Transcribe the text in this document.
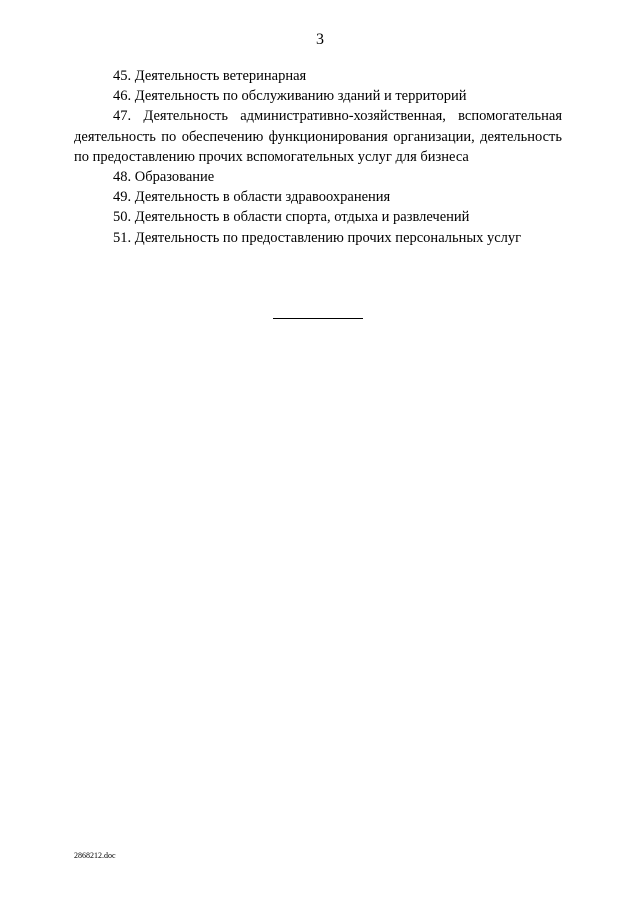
3

45. Деятельность ветеринарная

46. Деятельность по обслуживанию зданий и территорий

47. Деятельность административно-хозяйственная, вспомогательная деятельность по обеспечению функционирования организации, деятельность по предоставлению прочих вспомогательных услуг для бизнеса

48. Образование

49. Деятельность в области здравоохранения

50. Деятельность в области спорта, отдыха и развлечений

51. Деятельность по предоставлению прочих персональных услуг

2868212.doc
